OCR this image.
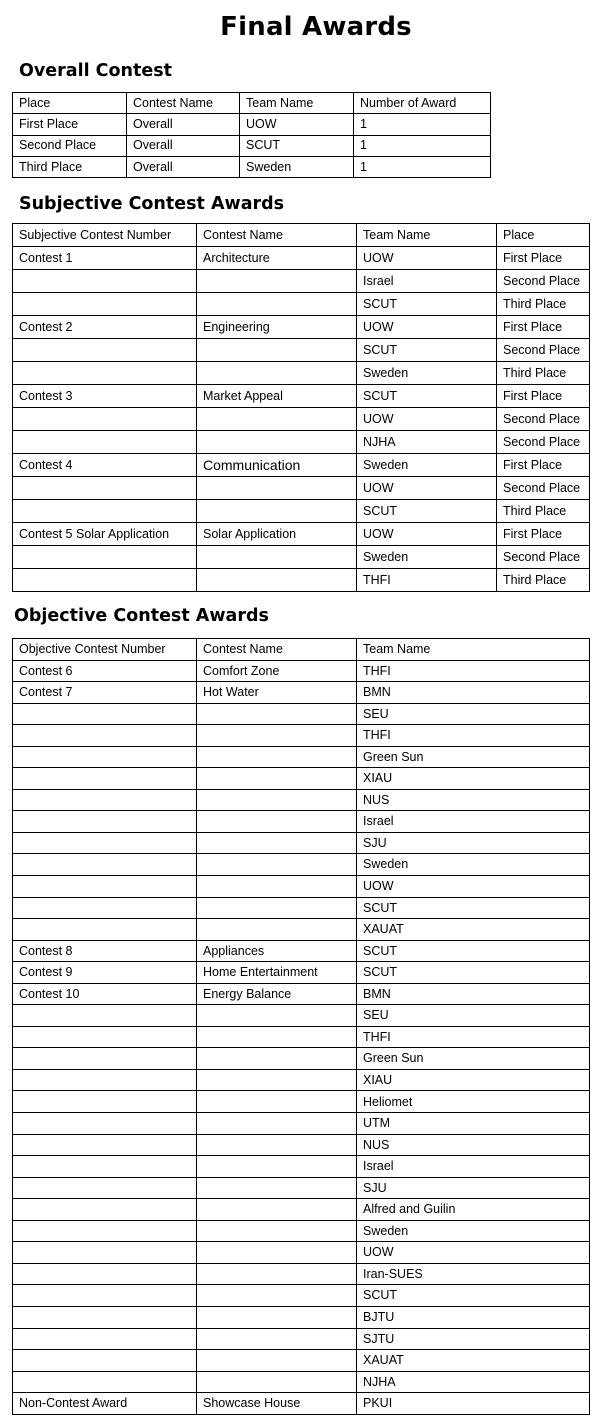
Final Awards
Overall Contest
Place	Contest Name	Team Name	Number of Award
First Place	Overall	UOW	1
Second Place	Overall	SCUT	1
Third Place	Overall	Sweden	1
Subjective Contest Awards
Subjective Contest Number	Contest Name	Team Name	Place
Contest 1	Architecture	UOW	First Place
		Israel	Second Place
		SCUT	Third Place
Contest 2	Engineering	UOW	First Place
		SCUT	Second Place
		Sweden	Third Place
Contest 3	Market Appeal	SCUT	First Place
		UOW	Second Place
		NJHA	Second Place
Contest 4	Communication	Sweden	First Place
		UOW	Second Place
		SCUT	Third Place
Contest 5 Solar Application	Solar Application	UOW	First Place
		Sweden	Second Place
		THFI	Third Place
Objective Contest Awards
Objective Contest Number	Contest Name	Team Name
Contest 6	Comfort Zone	THFI
Contest 7	Hot Water	BMN
		SEU
		THFI
		Green Sun
		XIAU
		NUS
		Israel
		SJU
		Sweden
		UOW
		SCUT
		XAUAT
Contest 8	Appliances	SCUT
Contest 9	Home Entertainment	SCUT
Contest 10	Energy Balance	BMN
		SEU
		THFI
		Green Sun
		XIAU
		Heliomet
		UTM
		NUS
		Israel
		SJU
		Alfred and Guilin
		Sweden
		UOW
		Iran-SUES
		SCUT
		BJTU
		SJTU
		XAUAT
		NJHA
Non-Contest Award	Showcase House	PKUI
